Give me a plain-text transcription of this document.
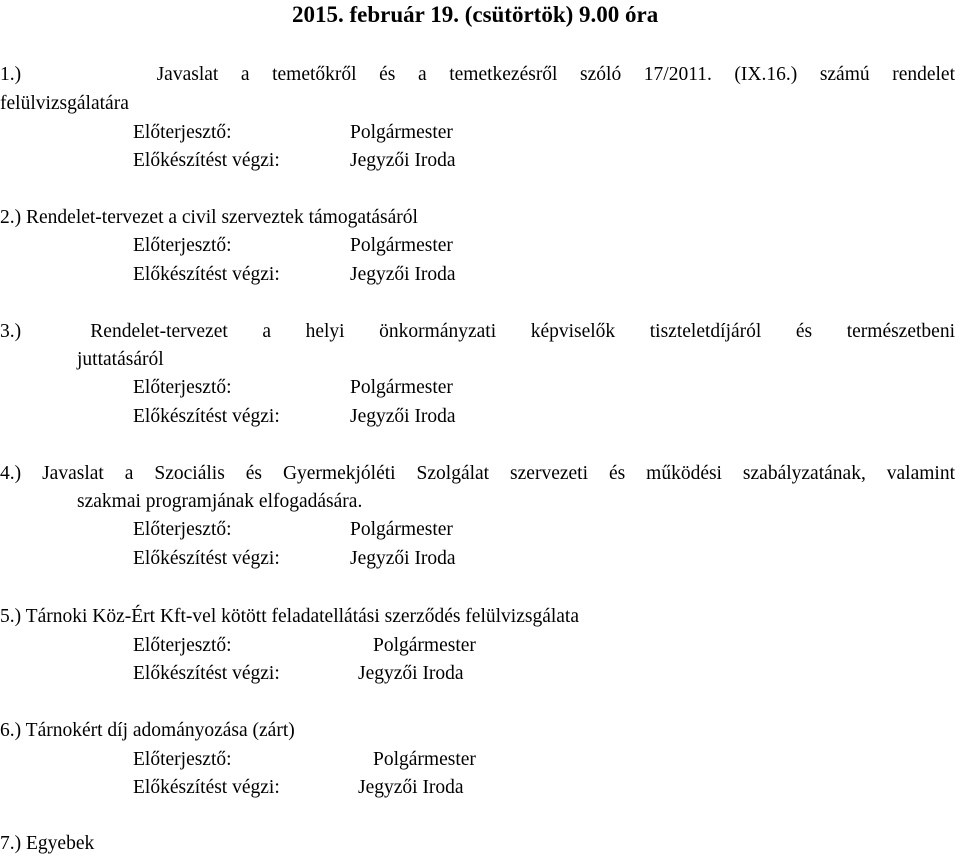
2015. február 19. (csütörtök) 9.00 óra
1.)	Javaslat a temetőkről és a temetkezésről szóló 17/2011. (IX.16.) számú rendelet
felülvizsgálatára
Előterjesztő:	Polgármester
Előkészítést végzi:	Jegyzői Iroda
2.) Rendelet-tervezet a civil szerveztek támogatásáról
Előterjesztő:	Polgármester
Előkészítést végzi:	Jegyzői Iroda
3.)	Rendelet-tervezet a helyi önkormányzati képviselők tiszteletdíjáról és természetbeni
juttatásáról
Előterjesztő:	Polgármester
Előkészítést végzi:	Jegyzői Iroda
4.) Javaslat a Szociális és Gyermekjóléti Szolgálat szervezeti és működési szabályzatának, valamint
szakmai programjának elfogadására.
Előterjesztő:	Polgármester
Előkészítést végzi:	Jegyzői Iroda
5.) Tárnoki Köz-Ért Kft-vel kötött feladatellátási szerződés felülvizsgálata
Előterjesztő:	Polgármester
Előkészítést végzi:	Jegyzői Iroda
6.) Tárnokért díj adományozása (zárt)
Előterjesztő:	Polgármester
Előkészítést végzi:	Jegyzői Iroda
7.) Egyebek
